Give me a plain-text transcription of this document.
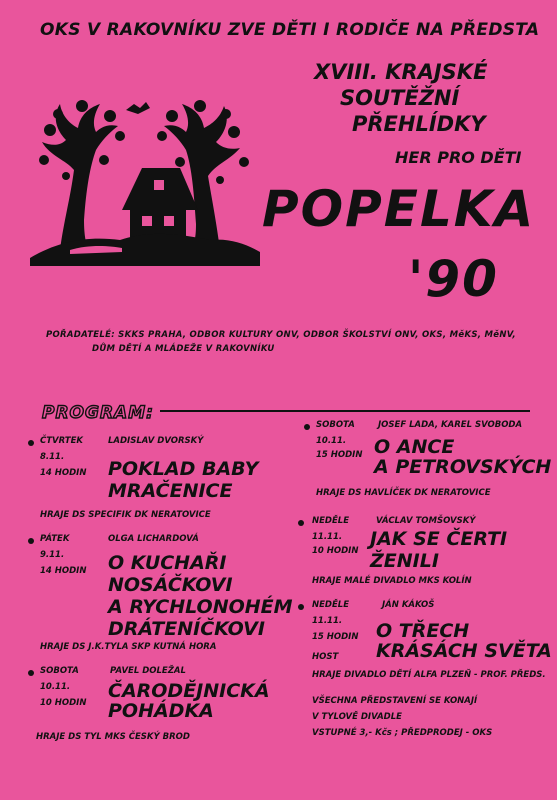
OKS V RAKOVNÍKU ZVE DĚTI I RODIČE NA PŘEDSTA
XVIII. KRAJSKÉ
SOUTĚŽNÍ
PŘEHLÍDKY
HER PRO DĚTI
POPELKA
'90
POŘADATELÉ: SKKS PRAHA, ODBOR KULTURY ONV, ODBOR ŠKOLSTVÍ ONV, OKS, MěKS, MěNV,
DŮM DĚTÍ A MLÁDEŽE V RAKOVNÍKU
PROGRAM:
ČTVRTEK
8.11.
14 HODIN
LADISLAV DVORSKÝ
POKLAD BABY
MRAČENICE
HRAJE DS SPECIFIK DK NERATOVICE
PÁTEK
9.11.
14 HODIN
OLGA LICHARDOVÁ
O KUCHAŘI
NOSÁČKOVI
A RYCHLONOHÉM
DRÁTENÍČKOVI
HRAJE DS J.K.TYLA SKP KUTNÁ HORA
SOBOTA
10.11.
10 HODIN
PAVEL DOLEŽAL
ČARODĚJNICKÁ
POHÁDKA
HRAJE DS TYL MKS ČESKÝ BROD
SOBOTA
10.11.
15 HODIN
JOSEF LADA, KAREL SVOBODA
O ANCE
A PETROVSKÝCH
HRAJE DS HAVLÍČEK DK NERATOVICE
NEDĚLE
11.11.
10 HODIN
VÁCLAV TOMŠOVSKÝ
JAK SE ČERTI
ŽENILI
HRAJE MALÉ DIVADLO MKS KOLÍN
NEDĚLE
11.11.
15 HODIN
JÁN KÁKOŠ
O TŘECH
KRÁSÁCH SVĚTA
HOST
HRAJE DIVADLO DĚTÍ ALFA PLZEŇ - PROF. PŘEDS.
VŠECHNA PŘEDSTAVENÍ SE KONAJÍ
V TYLOVĚ DIVADLE
VSTUPNÉ 3,- Kčs ; PŘEDPRODEJ - OKS
